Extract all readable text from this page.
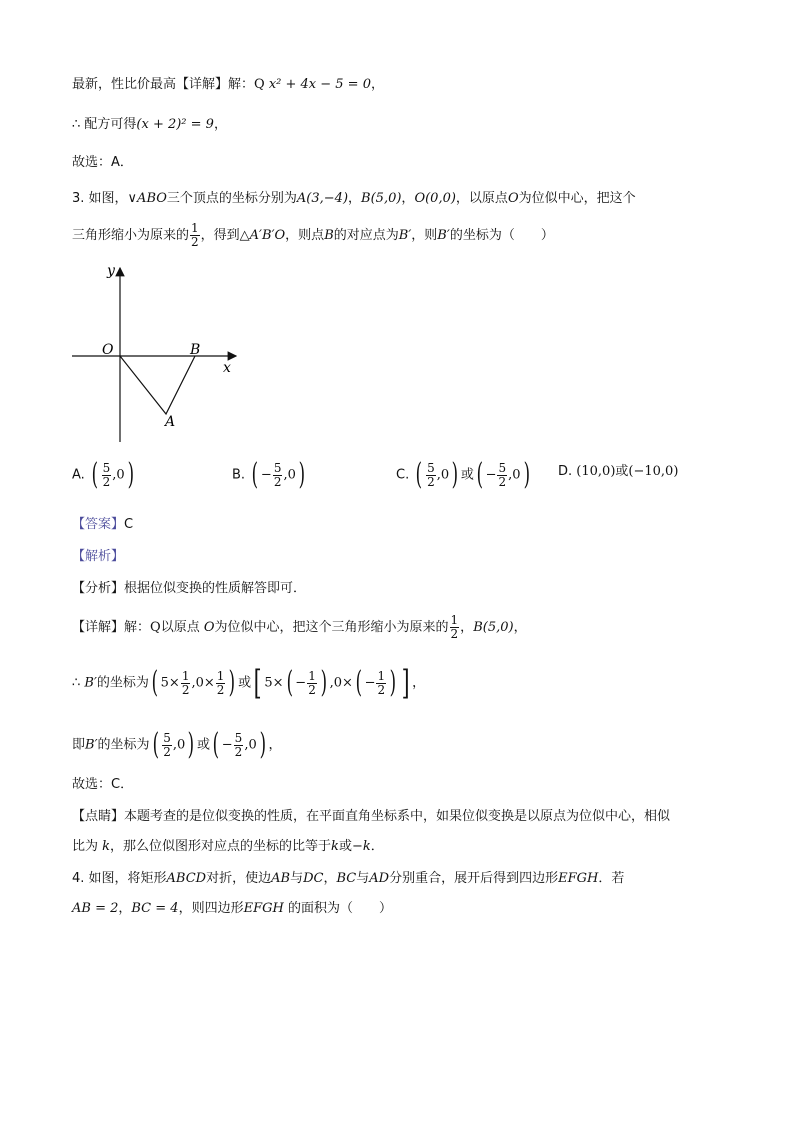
最新，性比价最高【详解】解：Q x² + 4x − 5 = 0，
∴ 配方可得(x + 2)² = 9，
故选：A．
3. 如图，∨ABO三个顶点的坐标分别为A(3,−4)，B(5,0)，O(0,0)，以原点O为位似中心，把这个
三角形缩小为原来的 $\frac{1}{2}$ ，得到△A′B′O，则点B的对应点为B′，则B′的坐标为（　　）
y
x
O	B
A
A. ( $\frac{5}{2} ,0$)	B. ( − $\frac{5}{2} ,0$)	C. ( $\frac{5}{2} ,0$) 或( − $\frac{5}{2} ,0$) D. (10,0)或(−10,0)
【答案】C
【解析】
【分析】根据位似变换的性质解答即可．
【详解】解：Q以原点 O为位似中心，把这个三角形缩小为原来的 $\frac{1}{2}$ ，B(5,0)，
∴ B′的坐标为( $5\times \frac{1}{2} ,0\times \frac{1}{2}$ ) 或[ $5\times( - \frac{1}{2}$ ) $,0\times( - \frac{1}{2}$ ) ] ，
即B′的坐标为( $\frac{5}{2} ,0$) 或( − $\frac{5}{2} ,0$) ，
故选：C．
【点睛】本题考查的是位似变换的性质，在平面直角坐标系中，如果位似变换是以原点为位似中心，相似
比为 k，那么位似图形对应点的坐标的比等于k或−k．
4. 如图，将矩形ABCD对折，使边AB与DC，BC与AD分别重合，展开后得到四边形EFGH．若
AB = 2，BC = 4，则四边形EFGH 的面积为（　　）
